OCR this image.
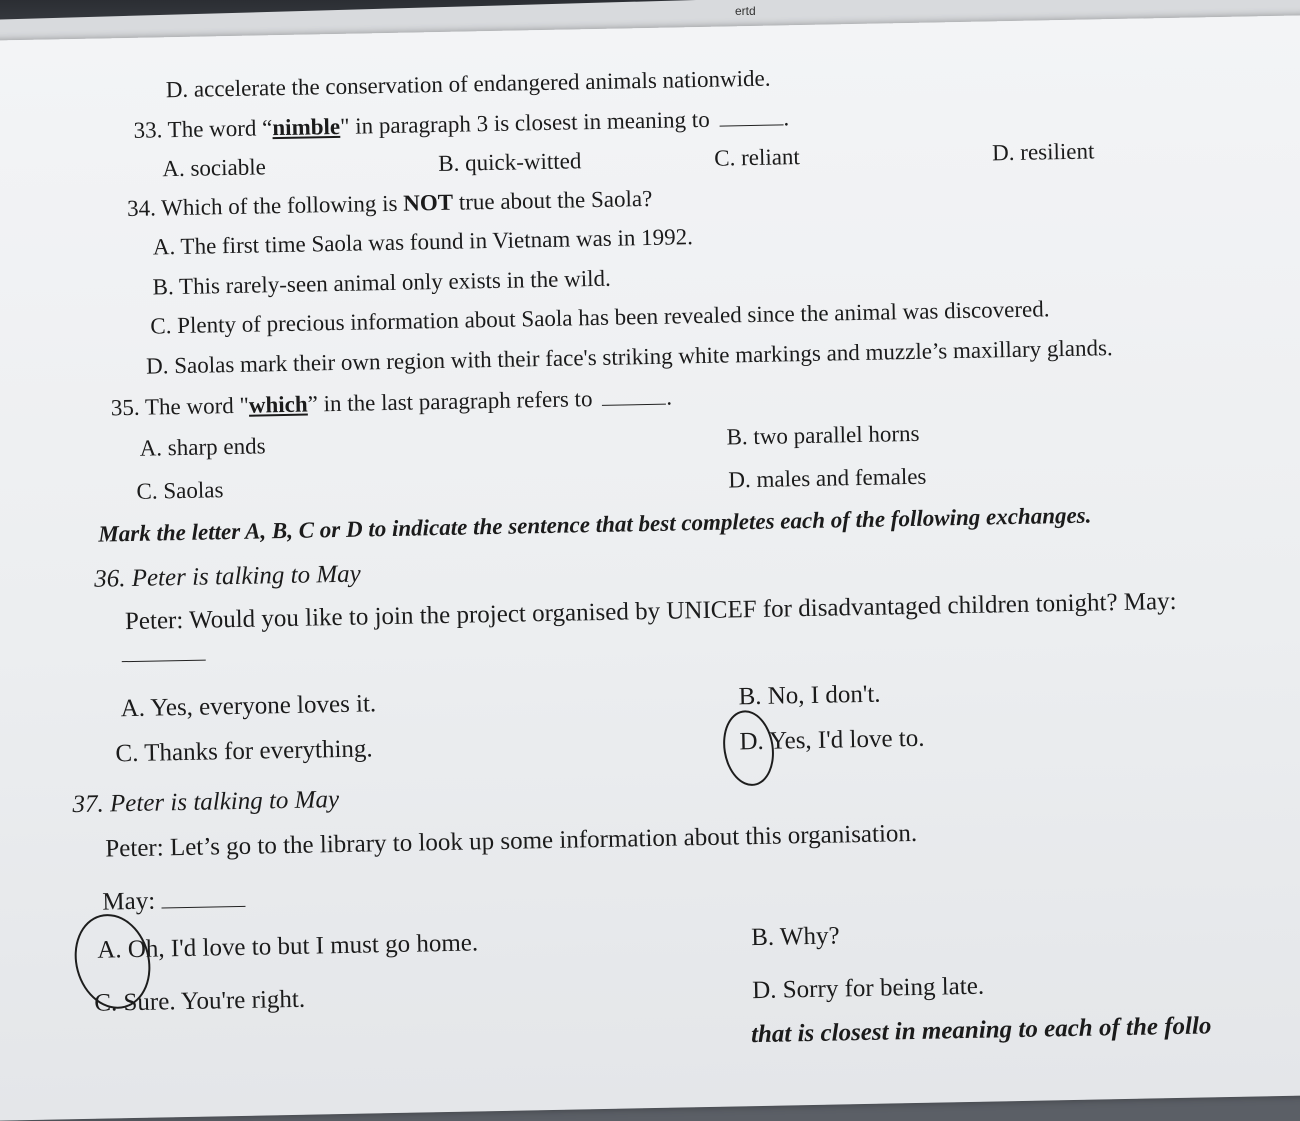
ertd
D. accelerate the conservation of endangered animals nationwide.
33. The word “nimble" in paragraph 3 is closest in meaning to	.
A. sociable	B. quick-witted	C. reliant	D. resilient
34. Which of the following is NOT true about the Saola?
A. The first time Saola was found in Vietnam was in 1992.
B. This rarely-seen animal only exists in the wild.
C. Plenty of precious information about Saola has been revealed since the animal was discovered.
D. Saolas mark their own region with their face's striking white markings and muzzle’s maxillary glands.
35. The word "which” in the last paragraph refers to	.
A. sharp ends	B. two parallel horns
C. Saolas	D. males and females
Mark the letter A, B, C or D to indicate the sentence that best completes each of the following exchanges.
36. Peter is talking to May
Peter: Would you like to join the project organised by UNICEF for disadvantaged children tonight? May:
A. Yes, everyone loves it.	B. No, I don't.
C. Thanks for everything.	D. Yes, I'd love to.
37. Peter is talking to May
Peter: Let’s go to the library to look up some information about this organisation.
May:
A. Oh, I'd love to but I must go home.	B. Why?
C. Sure. You're right.	D. Sorry for being late.
that is closest in meaning to each of the follo
